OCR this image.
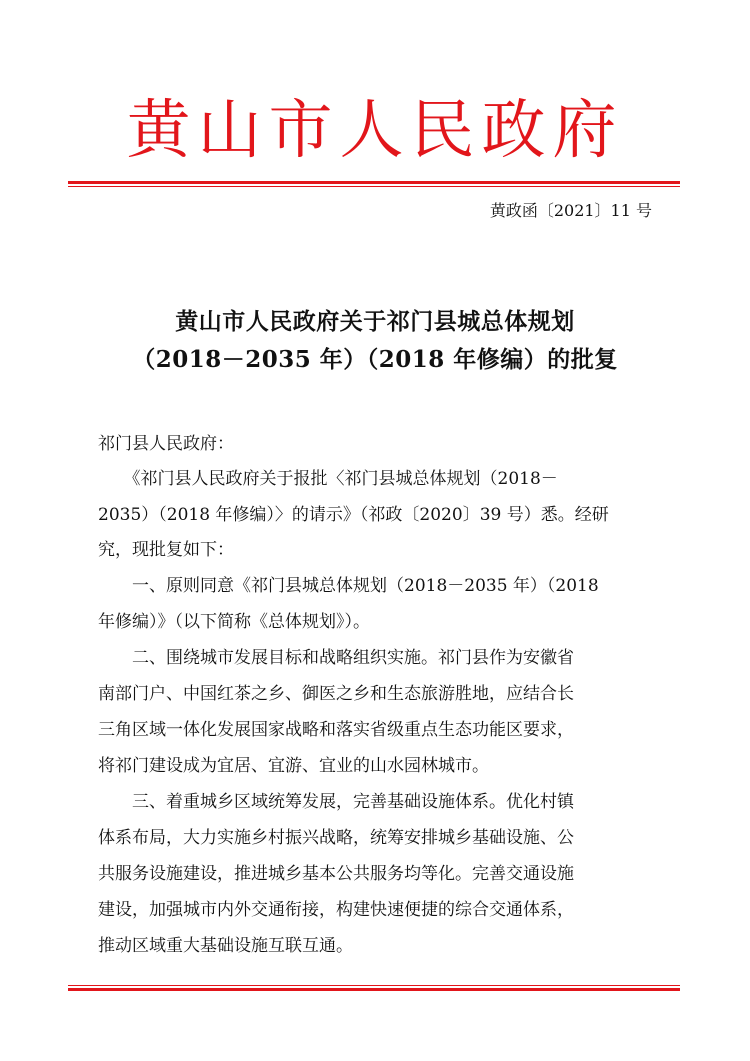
黄山市人民政府
黄政函〔2021〕11 号
黄山市人民政府关于祁门县城总体规划
（2018－2035 年）（2018 年修编）的批复
祁门县人民政府：
　　《祁门县人民政府关于报批〈祁门县城总体规划（2018－
2035）（2018 年修编）〉的请示》（祁政〔2020〕39 号）悉。经研
究，现批复如下：
　　一、原则同意《祁门县城总体规划（2018－2035 年）（2018
年修编）》（以下简称《总体规划》）。
　　二、围绕城市发展目标和战略组织实施。祁门县作为安徽省
南部门户、中国红茶之乡、御医之乡和生态旅游胜地，应结合长
三角区域一体化发展国家战略和落实省级重点生态功能区要求，
将祁门建设成为宜居、宜游、宜业的山水园林城市。
　　三、着重城乡区域统筹发展，完善基础设施体系。优化村镇
体系布局，大力实施乡村振兴战略，统筹安排城乡基础设施、公
共服务设施建设，推进城乡基本公共服务均等化。完善交通设施
建设，加强城市内外交通衔接，构建快速便捷的综合交通体系，
推动区域重大基础设施互联互通。
